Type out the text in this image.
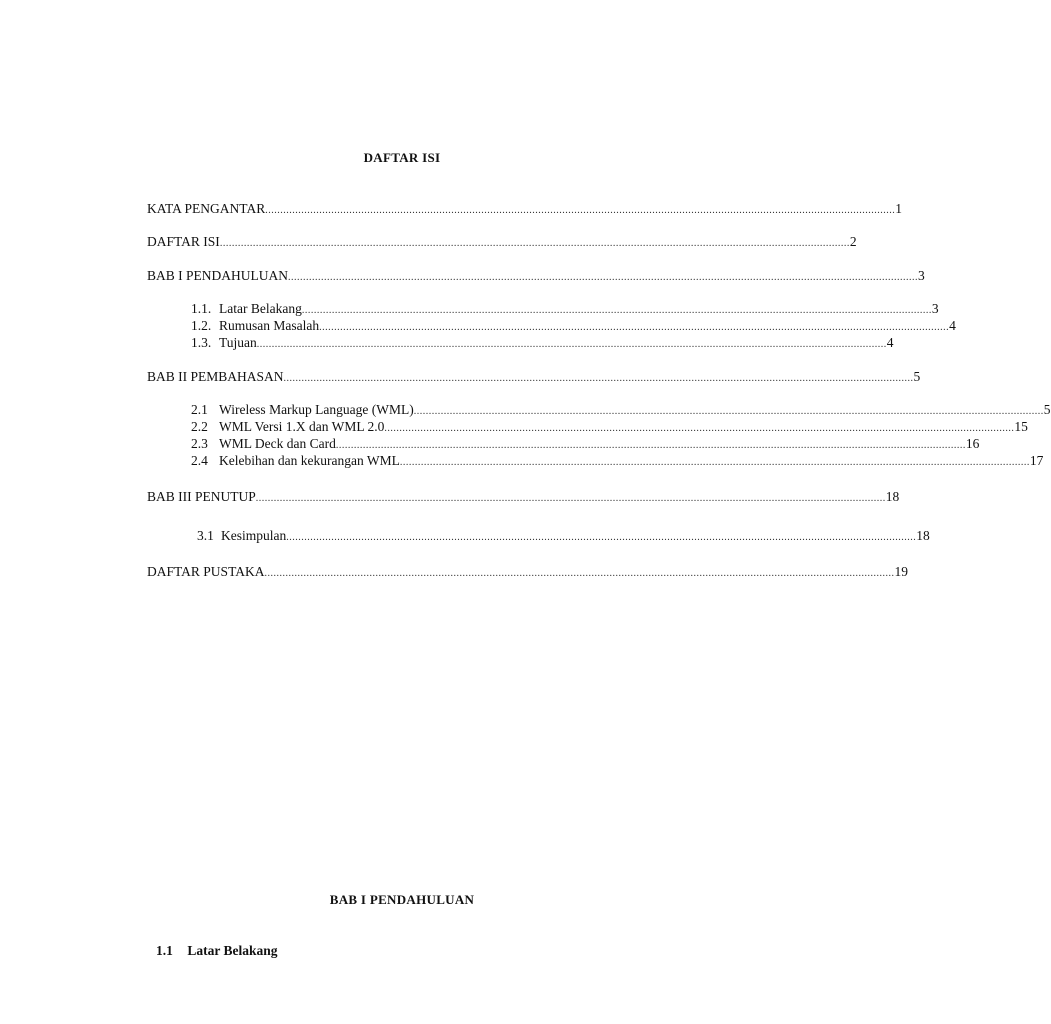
DAFTAR ISI
KATA PENGANTAR .................................................................................................................................................................................................................. 1
DAFTAR ISI .................................................................................................................................................................................................................. 2
BAB I PENDAHULUAN .................................................................................................................................................................................................................. 3
1.1. Latar Belakang .................................................................................................................................................................................................................. 3
1.2. Rumusan Masalah .................................................................................................................................................................................................................. 4
1.3. Tujuan .................................................................................................................................................................................................................. 4
BAB II PEMBAHASAN .................................................................................................................................................................................................................. 5
2.1 Wireless Markup Language (WML) .................................................................................................................................................................................................................. 5
2.2 WML Versi 1.X dan WML 2.0 .................................................................................................................................................................................................................. 15
2.3 WML Deck dan Card .................................................................................................................................................................................................................. 16
2.4 Kelebihan dan kekurangan WML .................................................................................................................................................................................................................. 17
BAB III PENUTUP .................................................................................................................................................................................................................. 18
3.1 Kesimpulan .................................................................................................................................................................................................................. 18
DAFTAR PUSTAKA .................................................................................................................................................................................................................. 19
BAB I PENDAHULUAN
1.1 Latar Belakang
